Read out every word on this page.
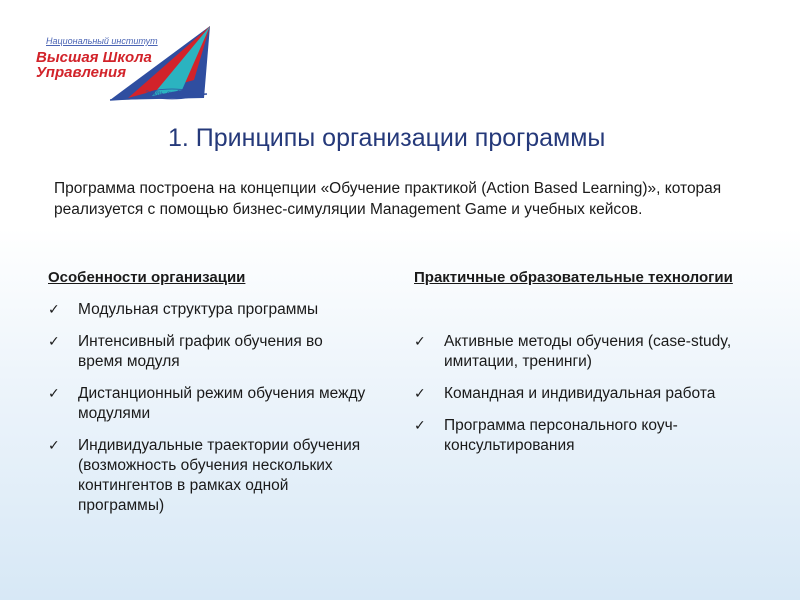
Национальный институт
Высшая Школа
Управления
Знать, внедрять
1. Принципы организации программы

Программа построена на концепции «Обучение практикой (Action Based Learning)», которая реализуется с помощью бизнес-симуляции Management Game и учебных кейсов.

Особенности организации
✓ Модульная структура программы
✓ Интенсивный график обучения во время модуля
✓ Дистанционный режим обучения между модулями
✓ Индивидуальные траектории обучения (возможность обучения нескольких контингентов в рамках одной программы)
Практичные образовательные технологии
✓ Активные методы обучения (case-study, имитации, тренинги)
✓ Командная и индивидуальная работа
✓ Программа персонального коуч-консультирования
